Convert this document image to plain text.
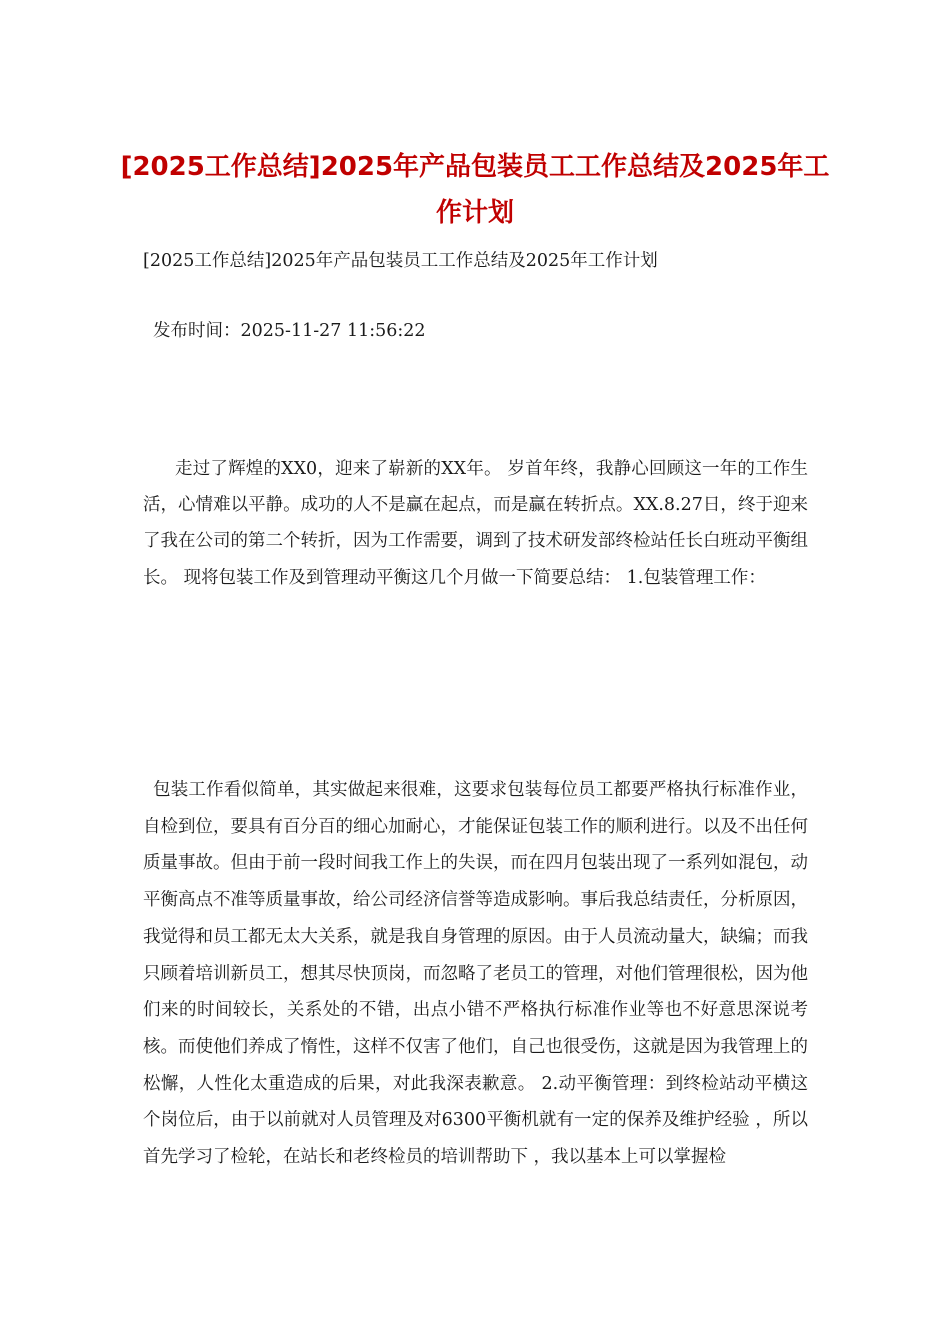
[2025工作总结]2025年产品包装员工工作总结及2025年工作计划

[2025工作总结]2025年产品包装员工工作总结及2025年工作计划

发布时间：2025-11-27 11:56:22

走过了辉煌的XX0，迎来了崭新的XX年。 岁首年终，我静心回顾这一年的工作生活，心情难以平静。成功的人不是赢在起点，而是赢在转折点。XX.8.27日，终于迎来了我在公司的第二个转折，因为工作需要，调到了技术研发部终检站任长白班动平衡组长。 现将包装工作及到管理动平衡这几个月做一下简要总结： 1.包装管理工作：

包装工作看似简单，其实做起来很难，这要求包装每位员工都要严格执行标准作业，自检到位，要具有百分百的细心加耐心，才能保证包装工作的顺利进行。以及不出任何质量事故。但由于前一段时间我工作上的失误，而在四月包装出现了一系列如混包，动平衡高点不准等质量事故，给公司经济信誉等造成影响。事后我总结责任，分析原因，我觉得和员工都无太大关系，就是我自身管理的原因。由于人员流动量大，缺编；而我只顾着培训新员工，想其尽快顶岗，而忽略了老员工的管理，对他们管理很松，因为他们来的时间较长，关系处的不错，出点小错不严格执行标准作业等也不好意思深说考核。而使他们养成了惰性，这样不仅害了他们，自己也很受伤，这就是因为我管理上的松懈，人性化太重造成的后果，对此我深表歉意。 2.动平衡管理：到终检站动平横这个岗位后，由于以前就对人员管理及对6300平衡机就有一定的保养及维护经验 ，所以首先学习了检轮，在站长和老终检员的培训帮助下 ，我以基本上可以掌握检
